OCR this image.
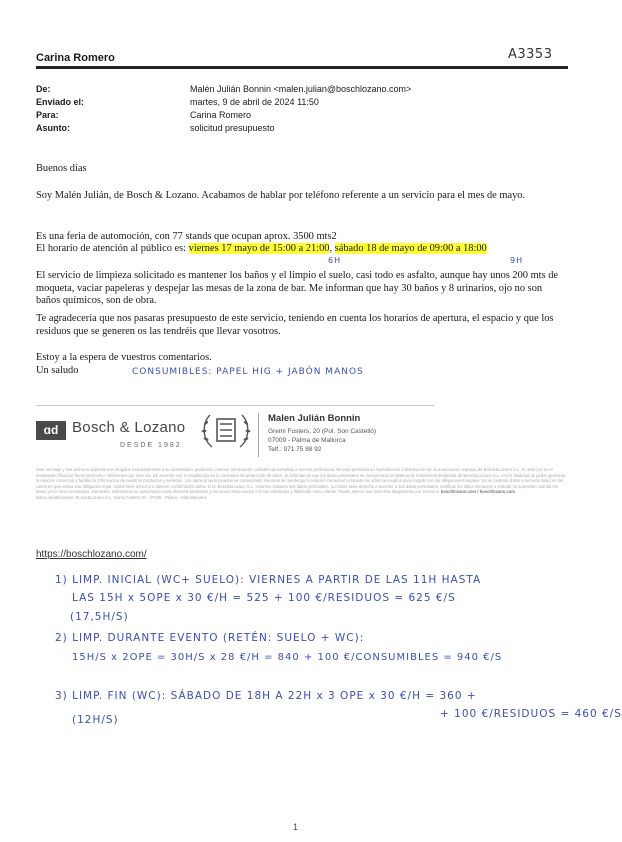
Carina Romero	A3353
De:	Malén Julián Bonnin <malen.julian@boschlozano.com>
Enviado el:	martes, 9 de abril de 2024 11:50
Para:	Carina Romero
Asunto:	solicitud presupuesto
Buenos días
Soy Malén Julián, de Bosch & Lozano. Acabamos de hablar por teléfono referente a un servicio para el mes de mayo.
Es una feria de automoción, con 77 stands que ocupan aprox. 3500 mts2
El horario de atención al público es: viernes 17 mayo de 15:00 a 21:00, sábado 18 de mayo de 09:00 a 18:00
6H	9H
El servicio de limpieza solicitado es mantener los baños y el limpio el suelo, casi todo es asfalto, aunque hay unos 200 mts de moqueta, vaciar papeleras y despejar las mesas de la zona de bar. Me informan que hay 30 baños y 8 urinarios, ojo no son baños químicos, son de obra.
Te agradecería que nos pasaras presupuesto de este servicio, teniendo en cuenta los horarios de apertura, el espacio y que los residuos que se generen os las tendréis que llevar vosotros.
Estoy a la espera de vuestros comentarios.
Un saludo	CONSUMIBLES: PAPEL HIG + JABÓN MANOS
ɑd Bosch & Lozano
DESDE 1982
Malen Julián Bonnin
Gremi Fusters, 20 (Pol. Son Castelló)
07009 - Palma de Mallorca
Telf.: 971 75 88 92
Este mensaje y sus archivos adjuntos son dirigidos exclusivamente a su destinatario, pudiendo contener información confidencial sometida a secreto profesional. No está permitida su reproducción o distribución sin la autorización expresa de Bosch&Lozano S.L. Si usted no es el destinatario final por favor elimínelo e infórmenos por esta vía. De acuerdo con lo establecido en la normativa de protección de datos, le informamos que los datos personales se incorporarán al sistema de tratamiento titularidad de Bosch&Lozano S.L. con la finalidad de poder gestionar la relación comercial y facilitar la información de nuestros productos y servicios. Los datos proporcionados se conservarán mientras se mantenga la relación comercial o durante los años necesarios para cumplir con las obligaciones legales. No se cederán datos a terceros salvo en los casos en que exista una obligación legal. Usted tiene derecho a obtener confirmación sobre si en Bosch&Lozano S.L. estamos tratando sus datos personales, por tanto tiene derecho a acceder a sus datos personales, rectificar los datos inexactos o solicitar su supresión cuando los datos ya no sean necesarios. Asimismo, solicitamos su autorización para ofrecerle productos y servicios relacionados con los solicitados y fidelizarle como cliente. Puede ejercer sus derechos dirigiéndose por escrito a: boschlozano.com / boschlozano.com
Datos identificativos: Bosch&Lozano S.L. Gremi Fusters 20 - 07009 - Palma - Islas Baleares
https://boschlozano.com/
1) LIMP. INICIAL (WC+ SUELO): VIERNES A PARTIR DE LAS 11H HASTA
LAS 15H x 5OPE x 30 €/H = 525 + 100 €/RESIDUOS = 625 €/S
(17,5H/S)
2) LIMP. DURANTE EVENTO (RETÉN: SUELO + WC):
15H/S x 2OPE = 30H/S x 28 €/H = 840 + 100 €/CONSUMIBLES = 940 €/S
3) LIMP. FIN (WC): SÁBADO DE 18H A 22H x 3 OPE x 30 €/H = 360 +
+ 100 €/RESIDUOS = 460 €/S
(12H/S)
1
